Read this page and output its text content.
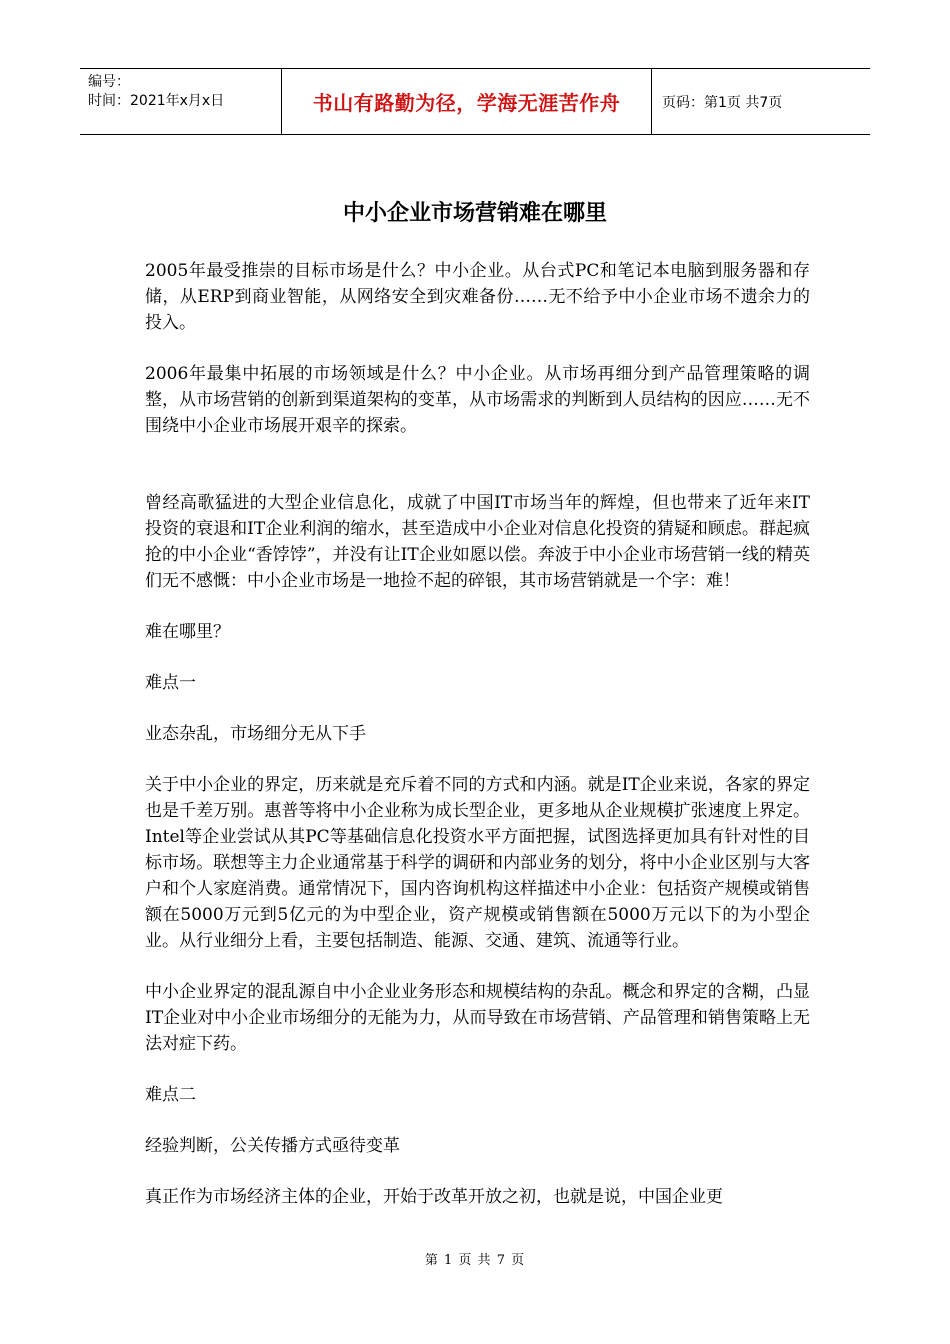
编号：
时间：2021年x月x日	书山有路勤为径，学海无涯苦作舟	页码：第1页 共7页
中小企业市场营销难在哪里

2005年最受推崇的目标市场是什么？中小企业。从台式PC和笔记本电脑到服务器和存储，从ERP到商业智能，从网络安全到灾难备份……无不给予中小企业市场不遗余力的投入。

2006年最集中拓展的市场领域是什么？中小企业。从市场再细分到产品管理策略的调整，从市场营销的创新到渠道架构的变革，从市场需求的判断到人员结构的因应……无不围绕中小企业市场展开艰辛的探索。

曾经高歌猛进的大型企业信息化，成就了中国IT市场当年的辉煌，但也带来了近年来IT投资的衰退和IT企业利润的缩水，甚至造成中小企业对信息化投资的猜疑和顾虑。群起疯抢的中小企业“香饽饽”，并没有让IT企业如愿以偿。奔波于中小企业市场营销一线的精英们无不感慨：中小企业市场是一地捡不起的碎银，其市场营销就是一个字：难！

难在哪里？

难点一

业态杂乱，市场细分无从下手

关于中小企业的界定，历来就是充斥着不同的方式和内涵。就是IT企业来说，各家的界定也是千差万别。惠普等将中小企业称为成长型企业，更多地从企业规模扩张速度上界定。Intel等企业尝试从其PC等基础信息化投资水平方面把握，试图选择更加具有针对性的目标市场。联想等主力企业通常基于科学的调研和内部业务的划分，将中小企业区别与大客户和个人家庭消费。通常情况下，国内咨询机构这样描述中小企业：包括资产规模或销售额在5000万元到5亿元的为中型企业，资产规模或销售额在5000万元以下的为小型企业。从行业细分上看，主要包括制造、能源、交通、建筑、流通等行业。

中小企业界定的混乱源自中小企业业务形态和规模结构的杂乱。概念和界定的含糊，凸显IT企业对中小企业市场细分的无能为力，从而导致在市场营销、产品管理和销售策略上无法对症下药。

难点二

经验判断，公关传播方式亟待变革

真正作为市场经济主体的企业，开始于改革开放之初，也就是说，中国企业更

第 1 页 共 7 页
